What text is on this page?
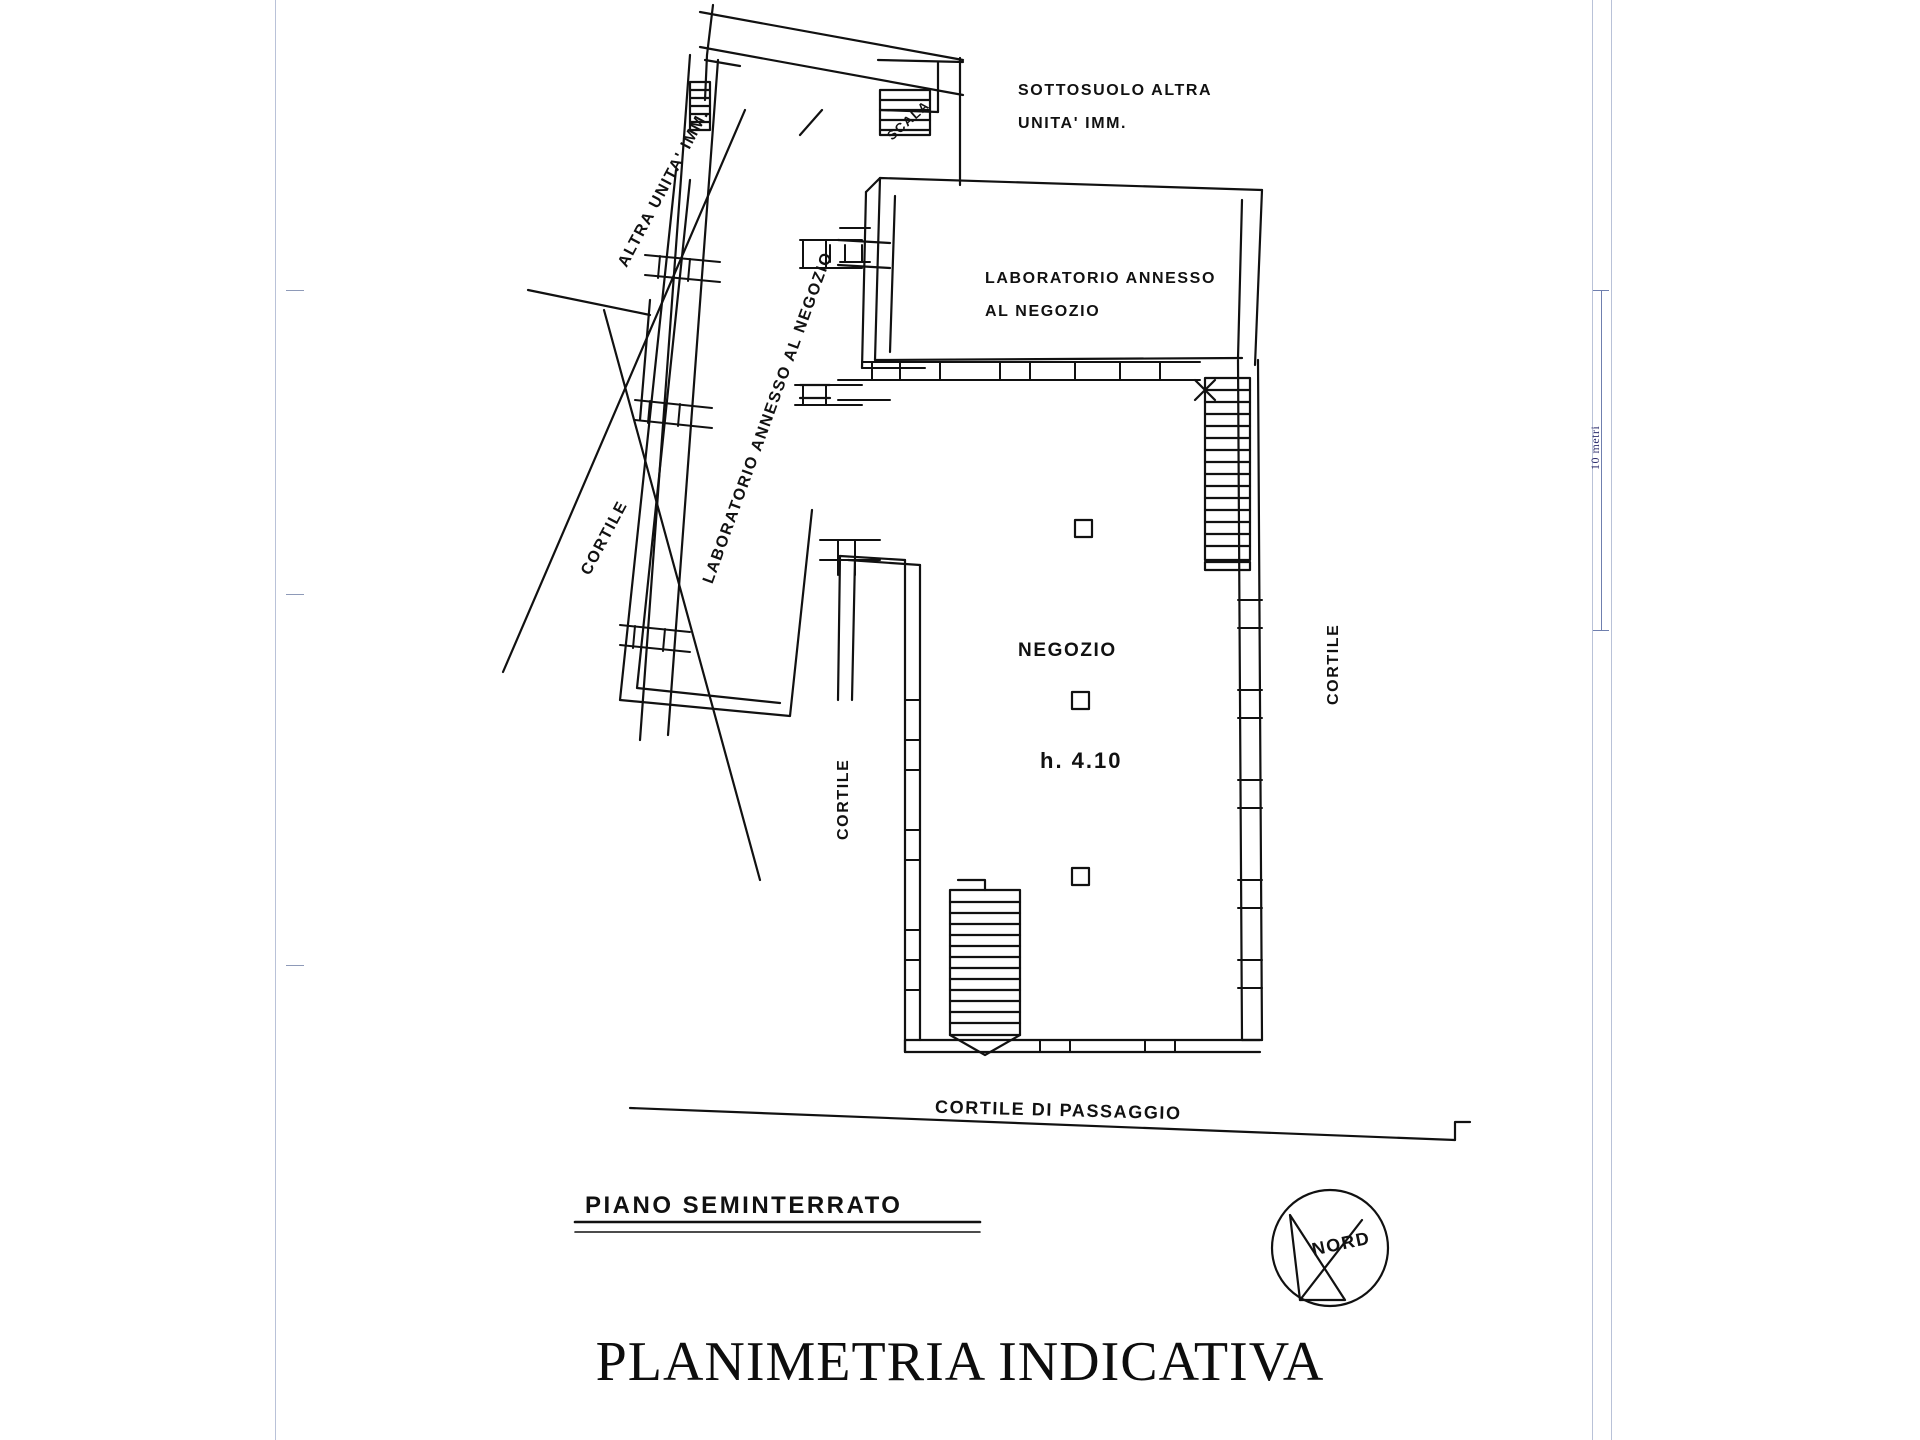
10 metri
ALTRA UNITA' IMM.
SOTTOSUOLO ALTRA
UNITA' IMM.
LABORATORIO ANNESSO AL NEGOZIO	LABORATORIO ANNESSO
AL NEGOZIO
CORTILE
CORTILE
CORTILE
NEGOZIO
h. 4.10
CORTILE DI PASSAGGIO
SCALA
PIANO SEMINTERRATO
NORD
PLANIMETRIA INDICATIVA
